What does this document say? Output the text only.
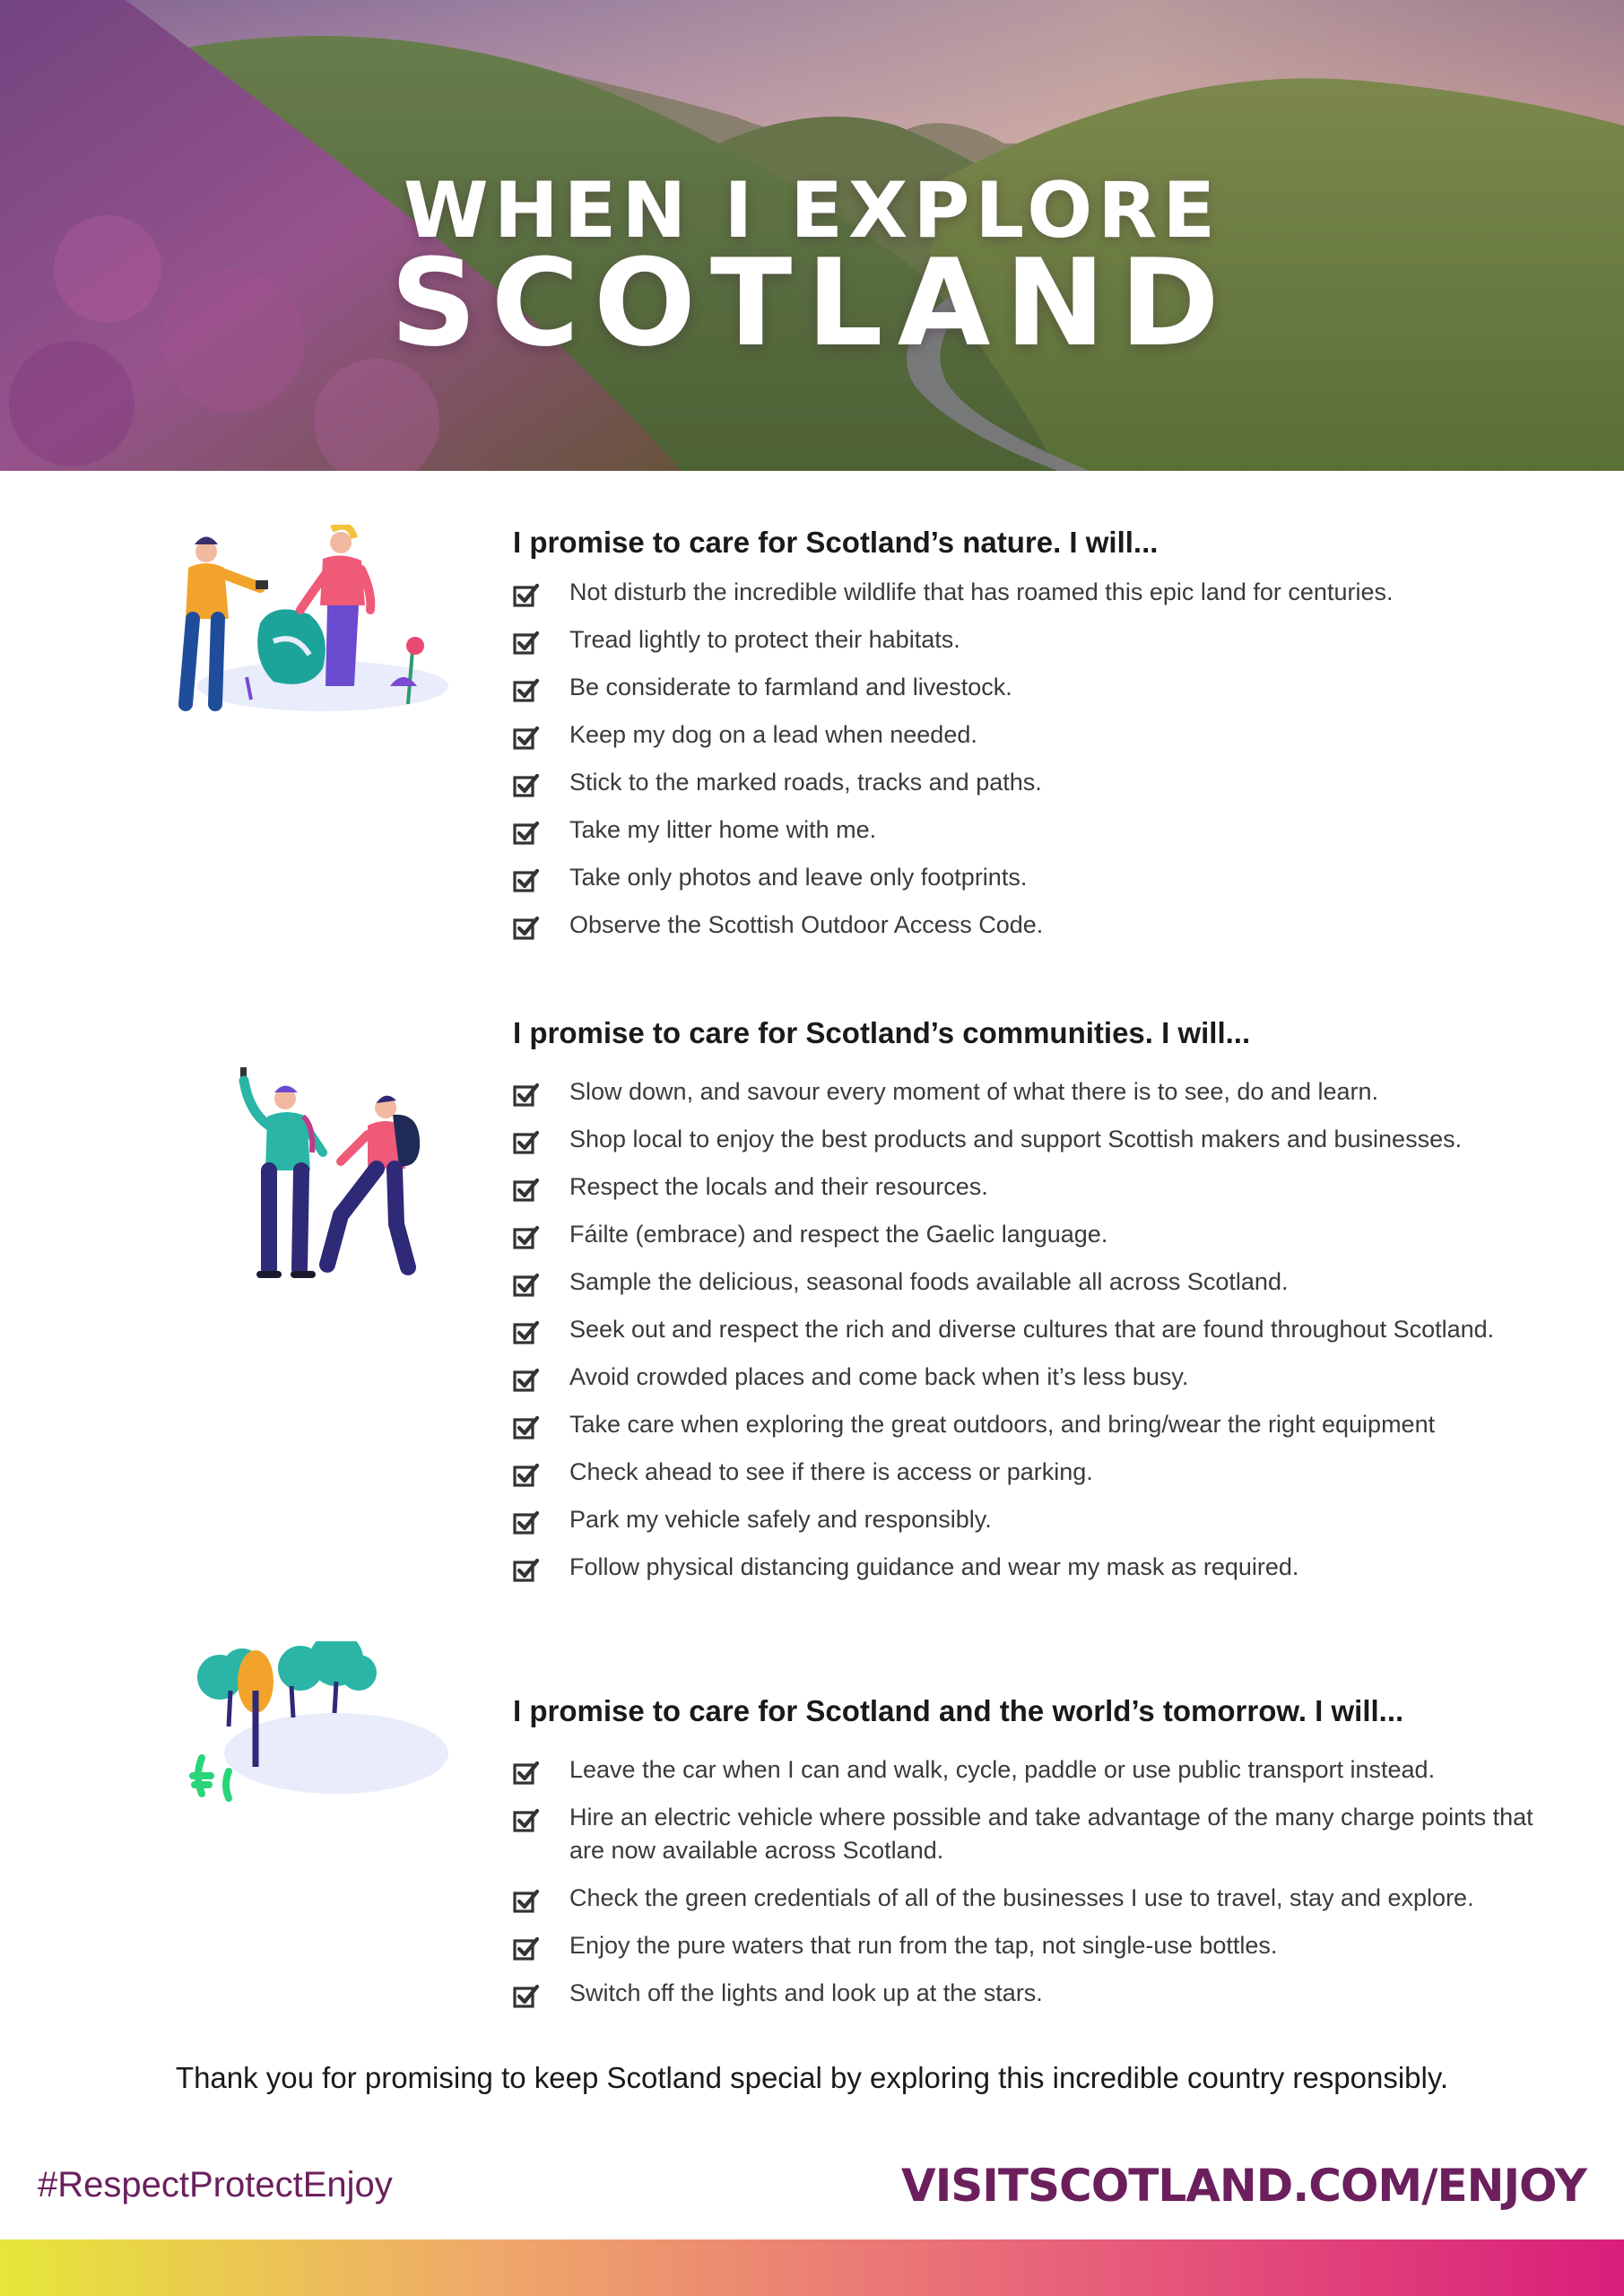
WHEN I EXPLORE
SCOTLAND
I promise to care for Scotland’s nature. I will...
Not disturb the incredible wildlife that has roamed this epic land for centuries.
Tread lightly to protect their habitats.
Be considerate to farmland and livestock.
Keep my dog on a lead when needed.
Stick to the marked roads, tracks and paths.
Take my litter home with me.
Take only photos and leave only footprints.
Observe the Scottish Outdoor Access Code.
I promise to care for Scotland’s communities. I will...
Slow down, and savour every moment of what there is to see, do and learn.
Shop local to enjoy the best products and support Scottish makers and businesses.
Respect the locals and their resources.
Fáilte (embrace) and respect the Gaelic language.
Sample the delicious, seasonal foods available all across Scotland.
Seek out and respect the rich and diverse cultures that are found throughout Scotland.
Avoid crowded places and come back when it’s less busy.
Take care when exploring the great outdoors, and bring/wear the right equipment
Check ahead to see if there is access or parking.
Park my vehicle safely and responsibly.
Follow physical distancing guidance and wear my mask as required.
I promise to care for Scotland and the world’s tomorrow. I will...
Leave the car when I can and walk, cycle, paddle or use public transport instead.
Hire an electric vehicle where possible and take advantage of the many charge points that are now available across Scotland.
Check the green credentials of all of the businesses I use to travel, stay and explore.
Enjoy the pure waters that run from the tap, not single-use bottles.
Switch off the lights and look up at the stars.
Thank you for promising to keep Scotland special by exploring this incredible country responsibly.
#RespectProtectEnjoy	VISITSCOTLAND.COM/ENJOY
